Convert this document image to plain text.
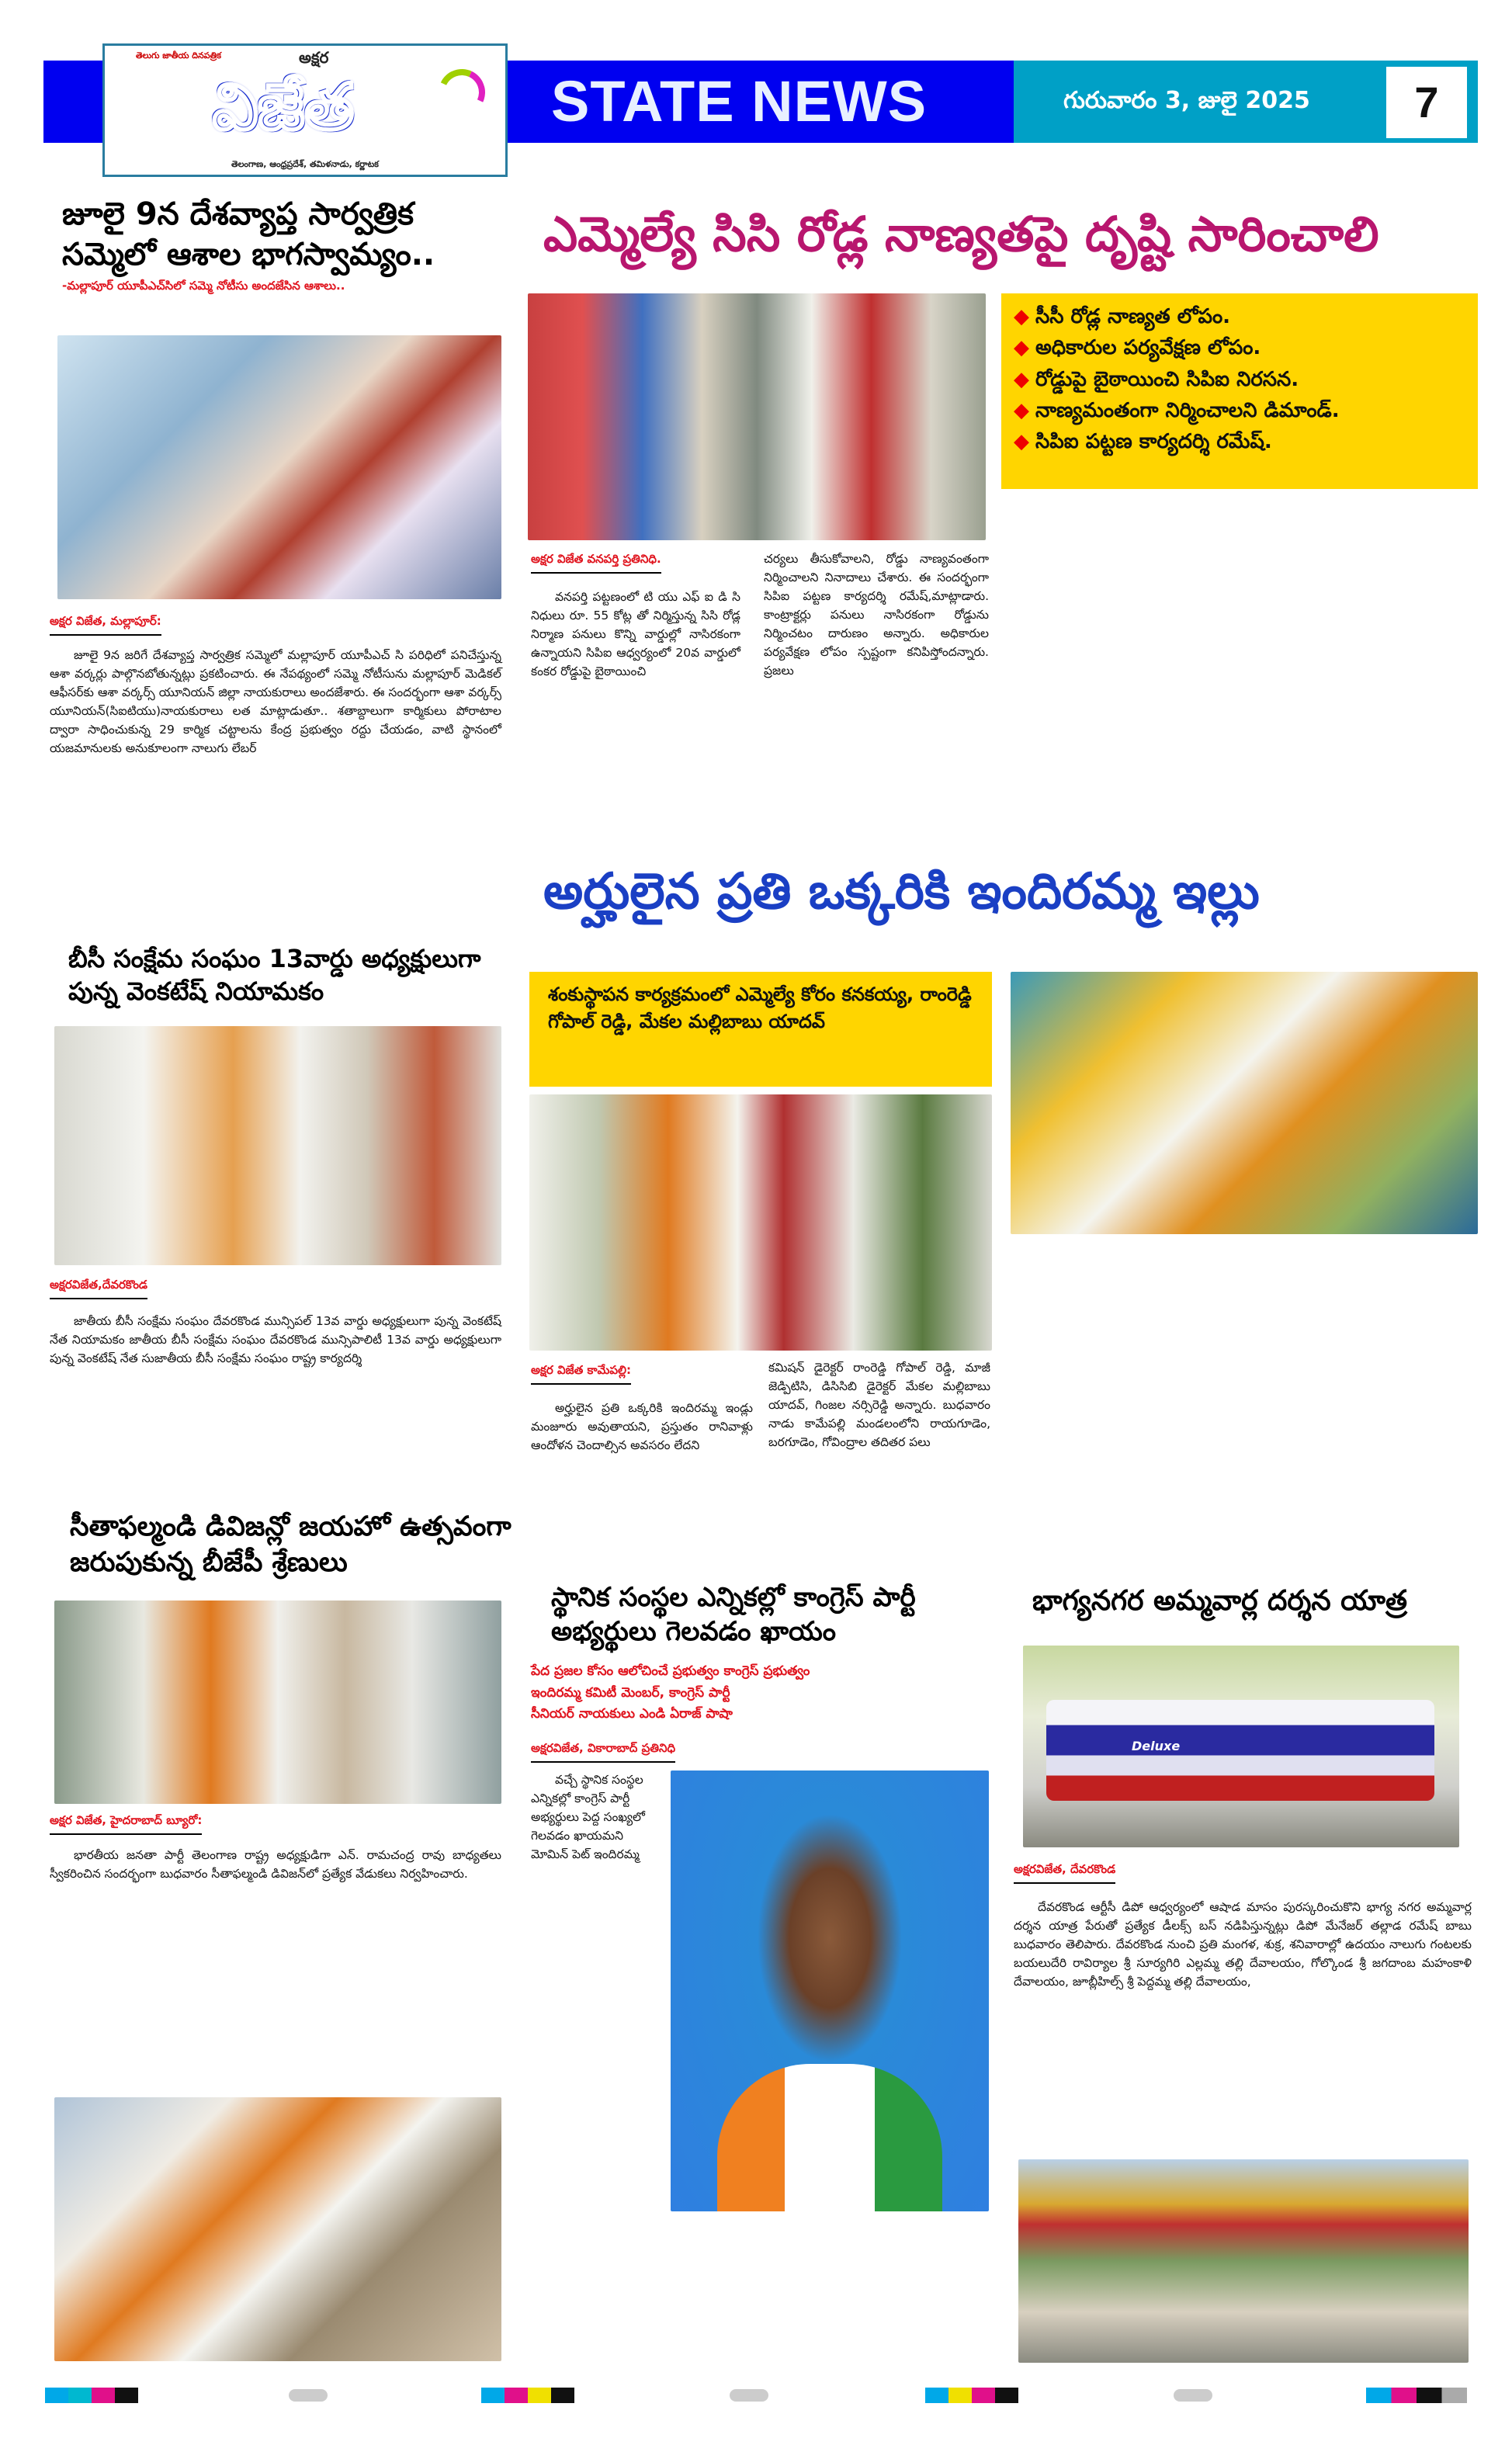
తెలుగు జాతీయ దినపత్రిక	అక్షర
విజేత
తెలంగాణ, ఆంధ్రప్రదేశ్, తమిళనాడు, కర్ణాటక
STATE NEWS	గురువారం 3, జులై 2025	7
జూలై 9న దేశవ్యాప్త సార్వత్రిక సమ్మెలో ఆశాల భాగస్వామ్యం..
-మల్లాపూర్ యూపీఎచ్‌సిలో సమ్మె నోటీసు అందజేసిన ఆశాలు..
అక్షర విజేత, మల్లాపూర్:
జూలై 9న జరిగే దేశవ్యాప్త సార్వత్రిక సమ్మెలో మల్లాపూర్ యూపీఎచ్ సి పరిధిలో పనిచేస్తున్న ఆశా వర్కర్లు పాల్గొనబోతున్నట్లు ప్రకటించారు. ఈ నేపథ్యంలో సమ్మె నోటీసును మల్లాపూర్ మెడికల్ ఆఫీసర్‌కు ఆశా వర్కర్స్ యూనియన్ జిల్లా నాయకురాలు అందజేశారు. ఈ సందర్భంగా ఆశా వర్కర్స్ యూనియన్(సిఐటియు)నాయకురాలు లత మాట్లాడుతూ.. శతాబ్దాలుగా కార్మికులు పోరాటాల ద్వారా సాధించుకున్న 29 కార్మిక చట్టాలను కేంద్ర ప్రభుత్వం రద్దు చేయడం, వాటి స్థానంలో యజమానులకు అనుకూలంగా నాలుగు లేబర్
బీసీ సంక్షేమ సంఘం 13వార్డు అధ్యక్షులుగా పున్న వెంకటేష్ నియామకం
అక్షరవిజేత,దేవరకొండ
జాతీయ బీసీ సంక్షేమ సంఘం దేవరకొండ మున్సిపల్ 13వ వార్డు అధ్యక్షులుగా పున్న వెంకటేష్ నేత నియామకం జాతీయ బీసీ సంక్షేమ సంఘం దేవరకొండ మున్సిపాలిటీ 13వ వార్డు అధ్యక్షులుగా పున్న వెంకటేష్ నేత సుజాతీయ బీసీ సంక్షేమ సంఘం రాష్ట్ర కార్యదర్శి
సీతాఫల్మండి డివిజన్లో జయహో ఉత్సవంగా జరుపుకున్న బీజేపీ శ్రేణులు
అక్షర విజేత, హైదరాబాద్ బ్యూరో:
భారతీయ జనతా పార్టీ తెలంగాణ రాష్ట్ర అధ్యక్షుడిగా ఎన్. రామచంద్ర రావు బాధ్యతలు స్వీకరించిన సందర్భంగా బుధవారం సీతాఫల్మండి డివిజన్‌లో ప్రత్యేక వేడుకలు నిర్వహించారు.
ఎమ్మెల్యే సిసి రోడ్ల నాణ్యతపై దృష్టి సారించాలి
◆ సీసీ రోడ్ల నాణ్యత లోపం.
◆ అధికారుల పర్యవేక్షణ లోపం.
◆ రోడ్డుపై బైఠాయించి సిపిఐ నిరసన.
◆ నాణ్యమంతంగా నిర్మించాలని డిమాండ్.
◆ సిపిఐ పట్టణ కార్యదర్శి రమేష్.
అక్షర విజేత వనపర్తి ప్రతినిధి.
వనపర్తి పట్టణంలో టి యు ఎఫ్ ఐ డి సి నిధులు రూ. 55 కోట్ల తో నిర్మిస్తున్న సిసి రోడ్ల నిర్మాణ పనులు కొన్ని వార్డుల్లో నాసిరకంగా ఉన్నాయని సిపిఐ ఆధ్వర్యంలో 20వ వార్డులో కంకర రోడ్డుపై బైఠాయించి
చర్యలు తీసుకోవాలని, రోడ్డు నాణ్యవంతంగా నిర్మించాలని నినాదాలు చేశారు. ఈ సందర్భంగా సిపిఐ పట్టణ కార్యదర్శి రమేష్,మాట్లాడారు. కాంట్రాక్టర్లు పనులు నాసిరకంగా రోడ్డును నిర్మించటం దారుణం అన్నారు. అధికారుల పర్యవేక్షణ లోపం స్పష్టంగా కనిపిస్తోందన్నారు. ప్రజలు
అర్హులైన ప్రతి ఒక్కరికి ఇందిరమ్మ ఇల్లు
శంకుస్థాపన కార్యక్రమంలో ఎమ్మెల్యే కోరం కనకయ్య, రాంరెడ్డి గోపాల్ రెడ్డి, మేకల మల్లిబాబు యాదవ్
అక్షర విజేత కామేపల్లి:
అర్హులైన ప్రతి ఒక్కరికి ఇందిరమ్మ ఇండ్లు మంజూరు అవుతాయని, ప్రస్తుతం రానివాళ్లు ఆందోళన చెందాల్సిన అవసరం లేదని
కమిషన్ డైరెక్టర్ రాంరెడ్డి గోపాల్ రెడ్డి, మాజీ జెడ్పిటిసి, డిసిసిబి డైరెక్టర్ మేకల మల్లిబాబు యాదవ్, గింజల నర్సిరెడ్డి అన్నారు. బుధవారం నాడు కామేపల్లి మండలంలోని రాయగూడెం, బరగూడెం, గోవింద్రాల తదితర పలు
స్థానిక సంస్థల ఎన్నికల్లో కాంగ్రెస్ పార్టీ అభ్యర్థులు గెలవడం ఖాయం
పేద ప్రజల కోసం ఆలోచించే ప్రభుత్వం కాంగ్రెస్ ప్రభుత్వం
ఇందిరమ్మ కమిటీ మెంబర్, కాంగ్రెస్ పార్టీ
సీనియర్ నాయకులు ఎండి ఏరాజ్ పాషా
అక్షరవిజేత, వికారాబాద్ ప్రతినిధి
వచ్చే స్థానిక సంస్థల ఎన్నికల్లో కాంగ్రెస్ పార్టీ అభ్యర్థులు పెద్ద సంఖ్యలో గెలవడం ఖాయమని మోమిన్ పెట్ ఇందిరమ్మ
భాగ్యనగర అమ్మవార్ల దర్శన యాత్ర
Deluxe
అక్షరవిజేత, దేవరకొండ
దేవరకొండ ఆర్టీసీ డిపో ఆధ్వర్యంలో ఆషాడ మాసం పురస్కరించుకొని భాగ్య నగర అమ్మవార్ల దర్శన యాత్ర పేరుతో ప్రత్యేక డీలక్స్ బస్ నడిపిస్తున్నట్లు డిపో మేనేజర్ తల్లాడ రమేష్ బాబు బుధవారం తెలిపారు. దేవరకొండ నుంచి ప్రతి మంగళ, శుక్ర, శనివారాల్లో ఉదయం నాలుగు గంటలకు బయలుదేరి రావిర్యాల శ్రీ సూర్యగిరి ఎల్లమ్మ తల్లి దేవాలయం, గోల్కొండ శ్రీ జగదాంబ మహంకాళి దేవాలయం, జూబ్లీహిల్స్ శ్రీ పెద్దమ్మ తల్లి దేవాలయం,
